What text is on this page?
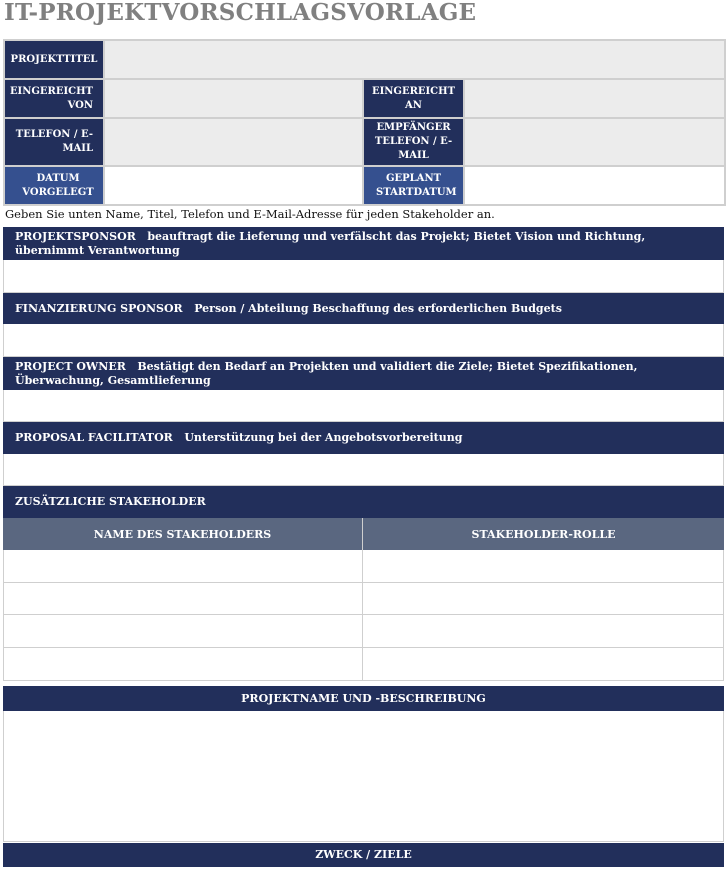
IT-PROJEKTVORSCHLAGSVORLAGE
PROJEKTTITEL			
EINGEREICHT VON		EINGEREICHT AN	
TELEFON / E-MAIL		EMPFÄNGER TELEFON / E-MAIL	
DATUM VORGELEGT		GEPLANT STARTDATUM	
Geben Sie unten Name, Titel, Telefon und E-Mail-Adresse für jeden Stakeholder an.
PROJEKTSPONSOR beauftragt die Lieferung und verfälscht das Projekt; Bietet Vision und Richtung, übernimmt Verantwortung
FINANZIERUNG SPONSOR Person / Abteilung Beschaffung des erforderlichen Budgets
PROJECT OWNER Bestätigt den Bedarf an Projekten und validiert die Ziele; Bietet Spezifikationen, Überwachung, Gesamtlieferung
PROPOSAL FACILITATOR Unterstützung bei der Angebotsvorbereitung
ZUSÄTZLICHE STAKEHOLDER
NAME DES STAKEHOLDERS	STAKEHOLDER-ROLLE
PROJEKTNAME UND -BESCHREIBUNG
ZWECK / ZIELE
